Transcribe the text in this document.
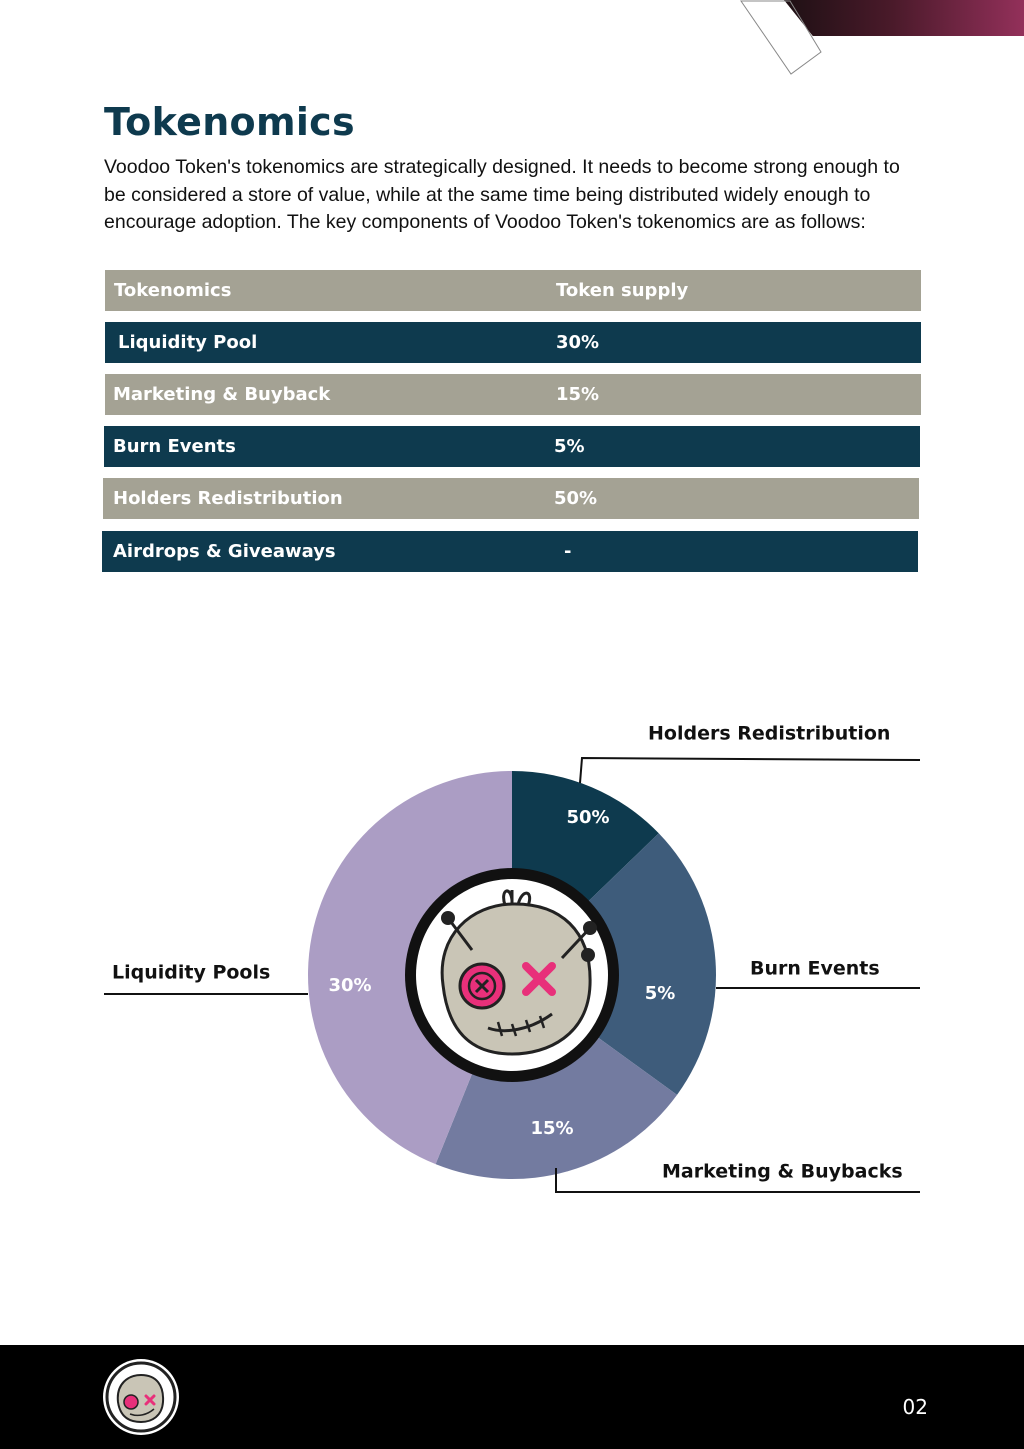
Tokenomics

Voodoo Token's tokenomics are strategically designed. It needs to become strong enough to be considered a store of value, while at the same time being distributed widely enough to encourage adoption. The key components of Voodoo Token's tokenomics are as follows:

Tokenomics	Token supply
Liquidity Pool	30%
Marketing & Buyback	15%
Burn Events	5%
Holders Redistribution	50%
Airdrops & Giveaways	-
50%
5%
15%
30%
Holders Redistribution
Burn Events
Marketing & Buybacks
Liquidity Pools
02
